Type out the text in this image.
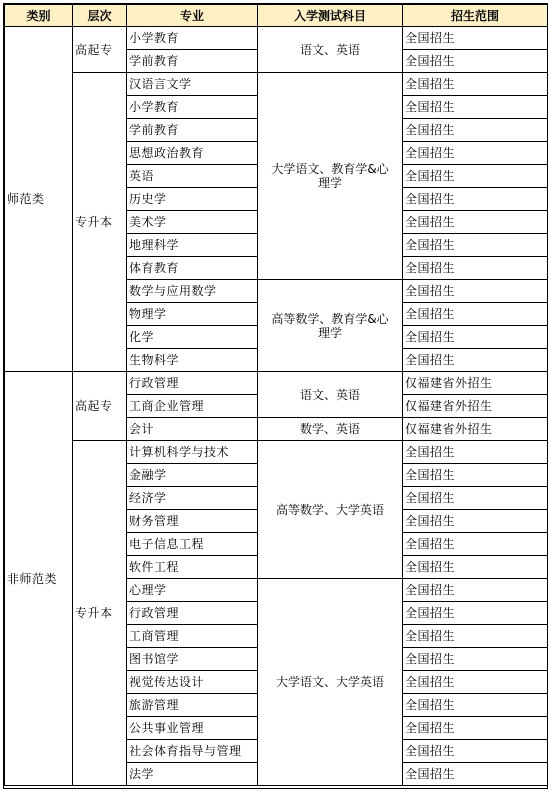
类别	层次	专业	入学测试科目	招生范围
师范类	高起专	小学教育	语文、英语	全国招生
		学前教育		全国招生
	专升本	汉语言文学	大学语文、教育学&心理学	全国招生
		小学教育		全国招生
		学前教育		全国招生
		思想政治教育		全国招生
		英语		全国招生
		历史学		全国招生
		美术学		全国招生
		地理科学		全国招生
		体育教育		全国招生
		数学与应用数学	高等数学、教育学&心理学	全国招生
		物理学		全国招生
		化学		全国招生
		生物科学		全国招生
非师范类	高起专	行政管理	语文、英语	仅福建省外招生
		工商企业管理		仅福建省外招生
		会计	数学、英语	仅福建省外招生
	专升本	计算机科学与技术	高等数学、大学英语	全国招生
		金融学		全国招生
		经济学		全国招生
		财务管理		全国招生
		电子信息工程		全国招生
		软件工程		全国招生
		心理学	大学语文、大学英语	全国招生
		行政管理		全国招生
		工商管理		全国招生
		图书馆学		全国招生
		视觉传达设计		全国招生
		旅游管理		全国招生
		公共事业管理		全国招生
		社会体育指导与管理		全国招生
		法学		全国招生
